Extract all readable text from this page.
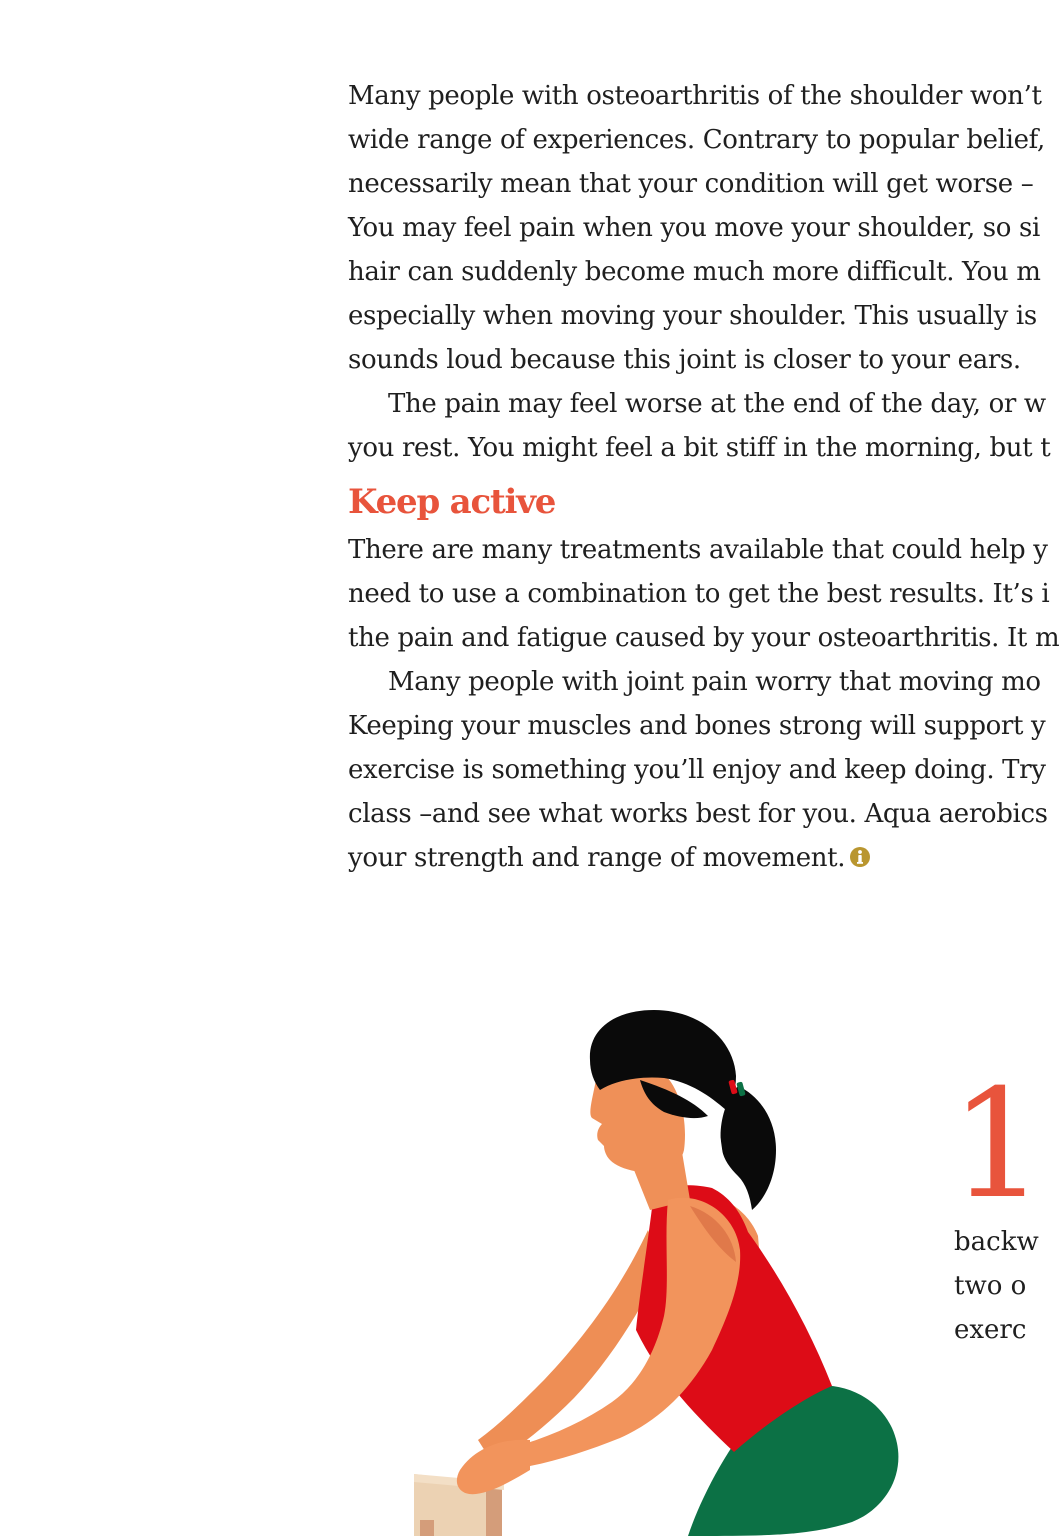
Many people with osteoarthritis of the shoulder won’t
wide range of experiences. Contrary to popular belief,
necessarily mean that your condition will get worse –
You may feel pain when you move your shoulder, so si
hair can suddenly become much more difficult. You m
especially when moving your shoulder. This usually is
sounds loud because this joint is closer to your ears.
The pain may feel worse at the end of the day, or w
you rest. You might feel a bit stiff in the morning, but t
Keep active
There are many treatments available that could help y
need to use a combination to get the best results. It’s i
the pain and fatigue caused by your osteoarthritis. It m
Many people with joint pain worry that moving mo
Keeping your muscles and bones strong will support y
exercise is something you’ll enjoy and keep doing. Try
class –and see what works best for you. Aqua aerobics
your strength and range of movement.
1
backw
two o
exerc
